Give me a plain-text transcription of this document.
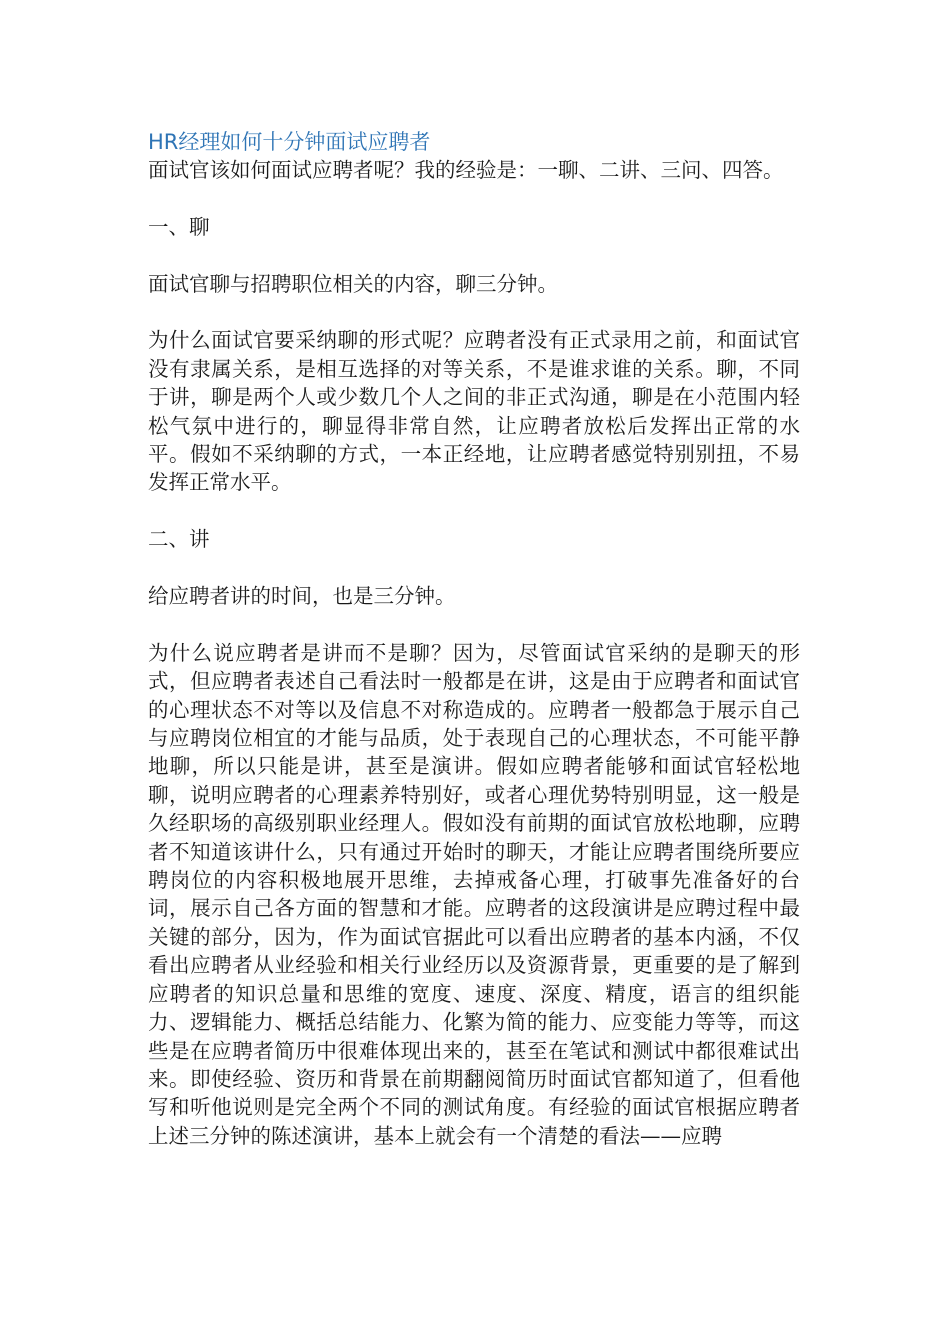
HR经理如何十分钟面试应聘者

面试官该如何面试应聘者呢？我的经验是：一聊、二讲、三问、四答。

一、聊

面试官聊与招聘职位相关的内容，聊三分钟。

为什么面试官要采纳聊的形式呢？应聘者没有正式录用之前，和面试官没有隶属关系，是相互选择的对等关系，不是谁求谁的关系。聊，不同于讲，聊是两个人或少数几个人之间的非正式沟通，聊是在小范围内轻松气氛中进行的，聊显得非常自然，让应聘者放松后发挥出正常的水平。假如不采纳聊的方式，一本正经地，让应聘者感觉特别别扭，不易发挥正常水平。

二、讲

给应聘者讲的时间，也是三分钟。

为什么说应聘者是讲而不是聊？因为，尽管面试官采纳的是聊天的形式，但应聘者表述自己看法时一般都是在讲，这是由于应聘者和面试官的心理状态不对等以及信息不对称造成的。应聘者一般都急于展示自己与应聘岗位相宜的才能与品质，处于表现自己的心理状态，不可能平静地聊，所以只能是讲，甚至是演讲。假如应聘者能够和面试官轻松地聊，说明应聘者的心理素养特别好，或者心理优势特别明显，这一般是久经职场的高级别职业经理人。假如没有前期的面试官放松地聊，应聘者不知道该讲什么，只有通过开始时的聊天，才能让应聘者围绕所要应聘岗位的内容积极地展开思维，去掉戒备心理，打破事先准备好的台词，展示自己各方面的智慧和才能。应聘者的这段演讲是应聘过程中最关键的部分，因为，作为面试官据此可以看出应聘者的基本内涵，不仅看出应聘者从业经验和相关行业经历以及资源背景，更重要的是了解到应聘者的知识总量和思维的宽度、速度、深度、精度，语言的组织能力、逻辑能力、概括总结能力、化繁为简的能力、应变能力等等，而这些是在应聘者简历中很难体现出来的，甚至在笔试和测试中都很难试出来。即使经验、资历和背景在前期翻阅简历时面试官都知道了，但看他写和听他说则是完全两个不同的测试角度。有经验的面试官根据应聘者上述三分钟的陈述演讲，基本上就会有一个清楚的看法——应聘
